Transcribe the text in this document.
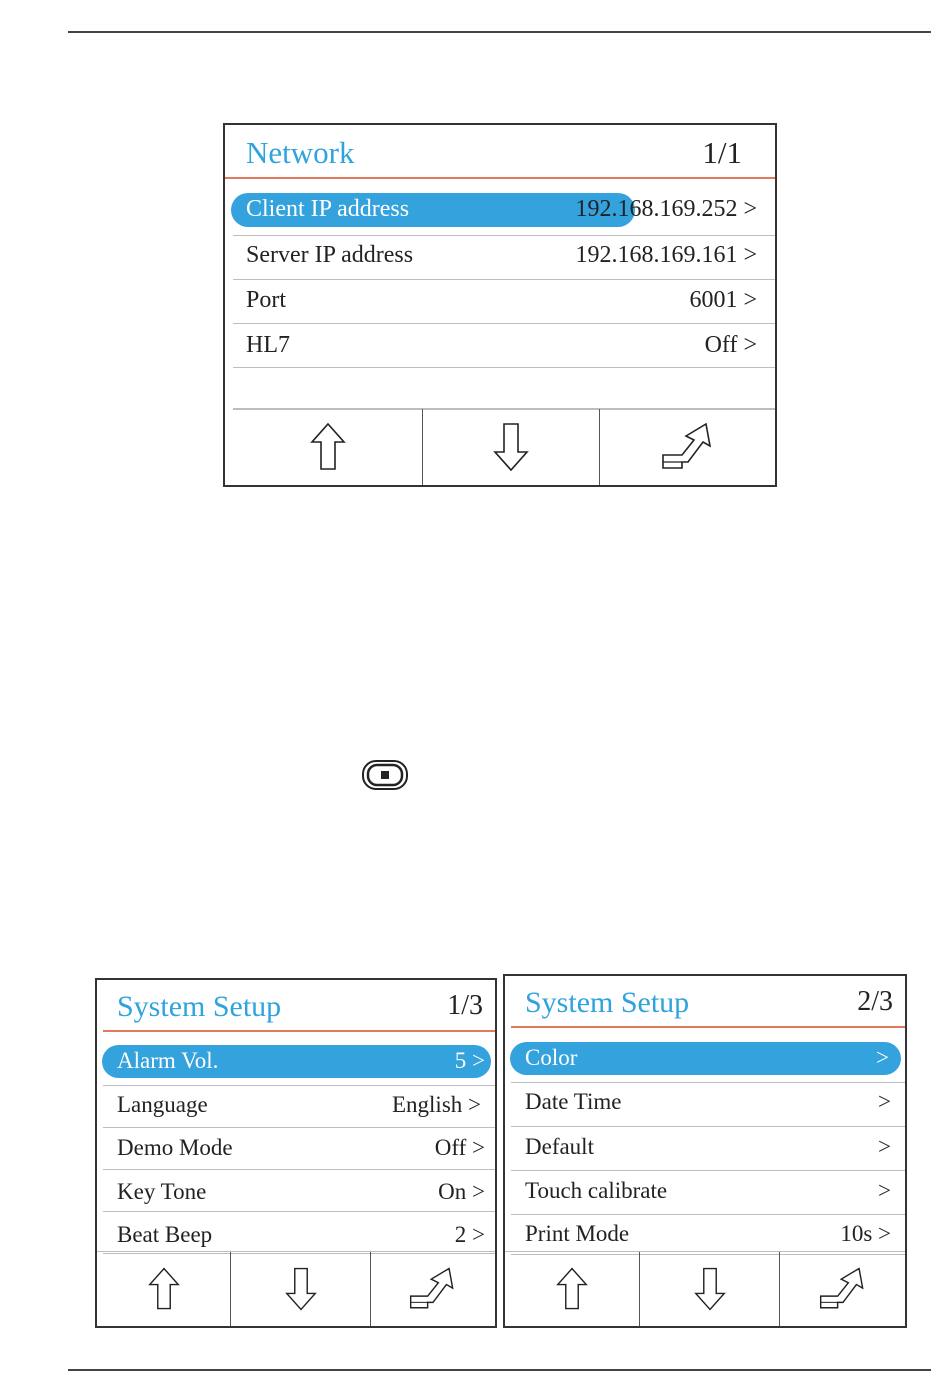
Network	1/1
Client IP address	192.168.169.252 >
Server IP address	192.168.169.161 >
Port	6001 >
HL7	Off >
System Setup	1/3
Alarm Vol.	5 >
Language	English >
Demo Mode	Off >
Key Tone	On >
Beat Beep	2 >
System Setup	2/3
Color	>
Date Time	>
Default	>
Touch calibrate	>
Print Mode	10s >
